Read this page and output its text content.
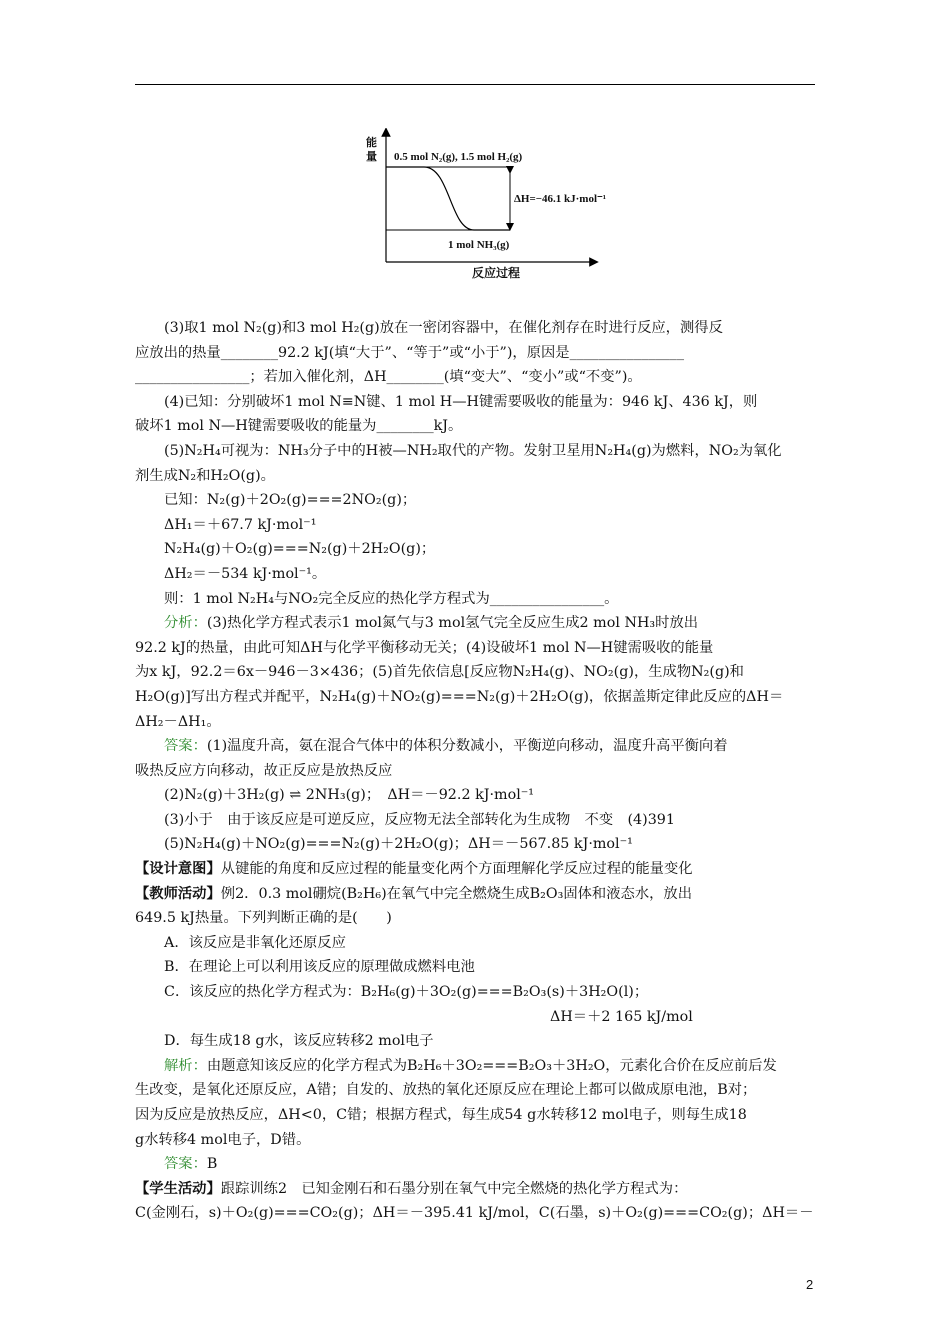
能量 0.5 mol N₂(g), 1.5 mol H₂(g)
ΔH=−46.1 kJ·mol⁻¹
1 mol NH₃(g)
反应过程
(3)取1 mol N₂(g)和3 mol H₂(g)放在一密闭容器中，在催化剂存在时进行反应，测得反
应放出的热量________92.2 kJ(填“大于”、“等于”或“小于”)，原因是________________
________________；若加入催化剂，ΔH________(填“变大”、“变小”或“不变”)。
(4)已知：分别破坏1 mol N≡N键、1 mol H—H键需要吸收的能量为：946 kJ、436 kJ，则
破坏1 mol N—H键需要吸收的能量为________kJ。
(5)N₂H₄可视为：NH₃分子中的H被—NH₂取代的产物。发射卫星用N₂H₄(g)为燃料，NO₂为氧化
剂生成N₂和H₂O(g)。
已知：N₂(g)＋2O₂(g)===2NO₂(g)；
ΔH₁＝＋67.7 kJ·mol⁻¹
N₂H₄(g)＋O₂(g)===N₂(g)＋2H₂O(g)；
ΔH₂＝－534 kJ·mol⁻¹。
则：1 mol N₂H₄与NO₂完全反应的热化学方程式为________________。
分析：(3)热化学方程式表示1 mol氮气与3 mol氢气完全反应生成2 mol NH₃时放出
92.2 kJ的热量，由此可知ΔH与化学平衡移动无关；(4)设破坏1 mol N—H键需吸收的能量
为x kJ，92.2＝6x－946－3×436；(5)首先依信息[反应物N₂H₄(g)、NO₂(g)，生成物N₂(g)和
H₂O(g)]写出方程式并配平，N₂H₄(g)＋NO₂(g)===N₂(g)＋2H₂O(g)，依据盖斯定律此反应的ΔH＝
ΔH₂－ΔH₁。
答案：(1)温度升高，氨在混合气体中的体积分数减小，平衡逆向移动，温度升高平衡向着
吸热反应方向移动，故正反应是放热反应
(2)N₂(g)＋3H₂(g) ⇌ 2NH₃(g)；　ΔH＝－92.2 kJ·mol⁻¹
(3)小于　由于该反应是可逆反应，反应物无法全部转化为生成物　不变　(4)391
(5)N₂H₄(g)＋NO₂(g)===N₂(g)＋2H₂O(g)；ΔH＝－567.85 kJ·mol⁻¹
【设计意图】从键能的角度和反应过程的能量变化两个方面理解化学反应过程的能量变化
【教师活动】例2．0.3 mol硼烷(B₂H₆)在氧气中完全燃烧生成B₂O₃固体和液态水，放出
649.5 kJ热量。下列判断正确的是(　　)
A．该反应是非氧化还原反应
B．在理论上可以利用该反应的原理做成燃料电池
C．该反应的热化学方程式为：B₂H₆(g)＋3O₂(g)===B₂O₃(s)＋3H₂O(l)；
ΔH＝＋2 165 kJ/mol
D．每生成18 g水，该反应转移2 mol电子
解析：由题意知该反应的化学方程式为B₂H₆＋3O₂===B₂O₃＋3H₂O，元素化合价在反应前后发
生改变，是氧化还原反应，A错；自发的、放热的氧化还原反应在理论上都可以做成原电池，B对；
因为反应是放热反应，ΔH<0，C错；根据方程式，每生成54 g水转移12 mol电子，则每生成18
g水转移4 mol电子，D错。
答案：B
【学生活动】跟踪训练2　已知金刚石和石墨分别在氧气中完全燃烧的热化学方程式为：
C(金刚石，s)＋O₂(g)===CO₂(g)；ΔH＝－395.41 kJ/mol，C(石墨，s)＋O₂(g)===CO₂(g)；ΔH＝－
2
